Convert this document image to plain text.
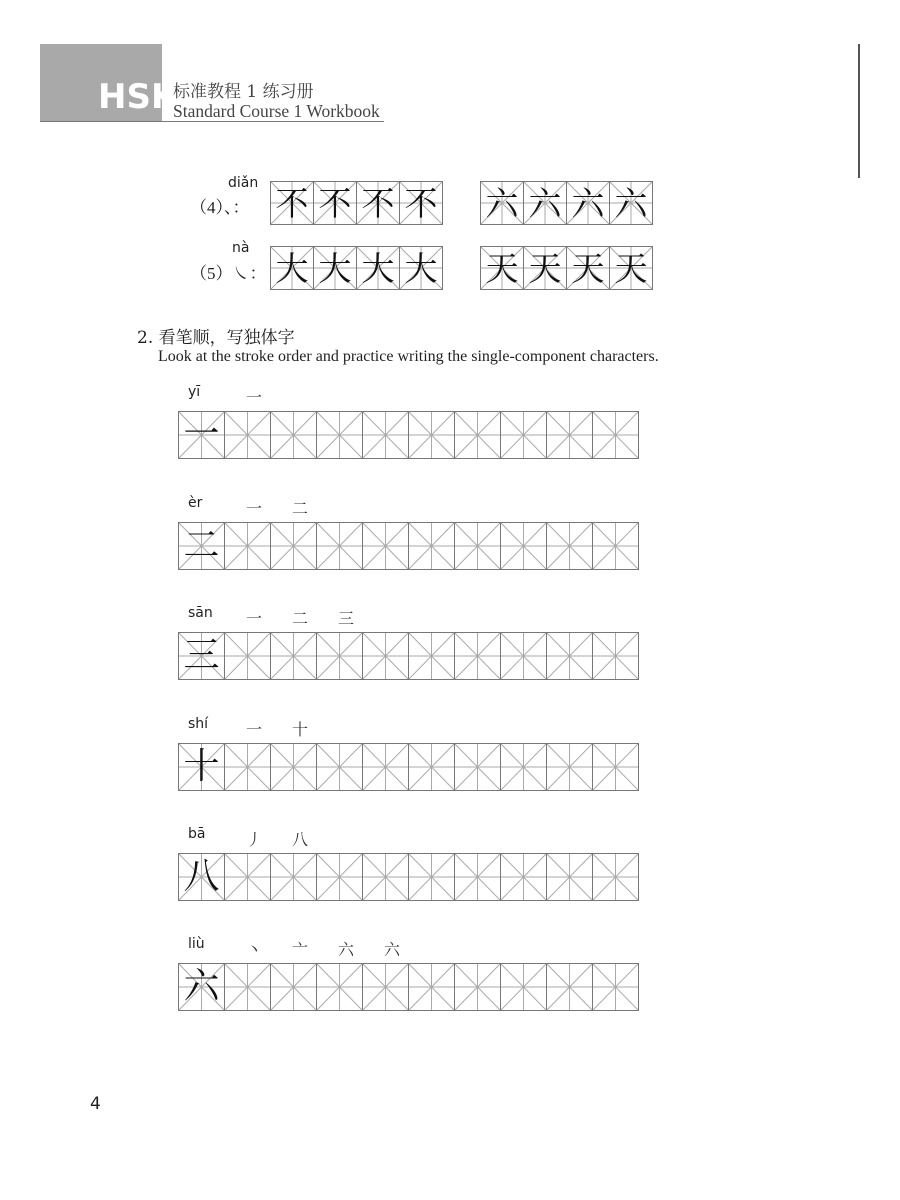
HSK
标准教程 1 练习册
Standard Course 1 Workbook
diǎn
（4）、： 不 不 不 不 六 六 六 六
nà
（5）㇏： 大 大 大 大 天 天 天 天
2. 看笔顺，写独体字
Look at the stroke order and practice writing the single-component characters.
yī	一
一
èr	一 二
二
sān 一 二 三
三
shí 一 十
十
bā	丿 八
八
liù	丶 亠 六 六
六
4
